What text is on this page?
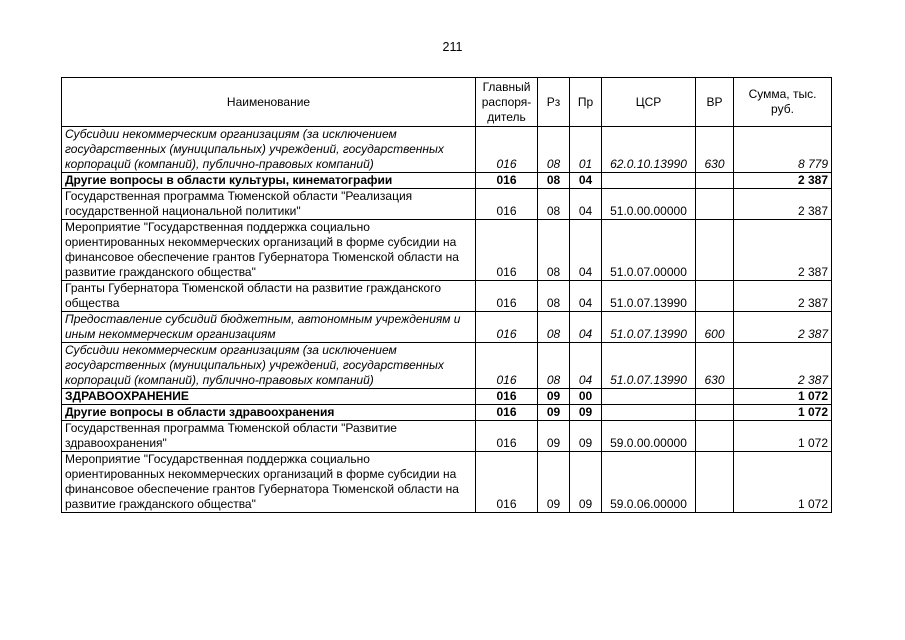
211
Наименование	Главный распоря-дитель	Рз	Пр	ЦСР	ВР	Сумма, тыс. руб.
Субсидии некоммерческим организациям (за исключением государственных (муниципальных) учреждений, государственных корпораций (компаний), публично-правовых компаний)	016	08	01	62.0.10.13990	630	8 779
Другие вопросы в области культуры, кинематографии	016	08	04			2 387
Государственная программа Тюменской области "Реализация государственной национальной политики"	016	08	04	51.0.00.00000		2 387
Мероприятие "Государственная поддержка социально ориентированных некоммерческих организаций в форме субсидии на финансовое обеспечение грантов Губернатора Тюменской области на развитие гражданского общества"	016	08	04	51.0.07.00000		2 387
Гранты Губернатора Тюменской области на развитие гражданского общества	016	08	04	51.0.07.13990		2 387
Предоставление субсидий бюджетным, автономным учреждениям и иным некоммерческим организациям	016	08	04	51.0.07.13990	600	2 387
Субсидии некоммерческим организациям (за исключением государственных (муниципальных) учреждений, государственных корпораций (компаний), публично-правовых компаний)	016	08	04	51.0.07.13990	630	2 387
ЗДРАВООХРАНЕНИЕ	016	09	00			1 072
Другие вопросы в области здравоохранения	016	09	09			1 072
Государственная программа Тюменской области "Развитие здравоохранения"	016	09	09	59.0.00.00000		1 072
Мероприятие "Государственная поддержка социально ориентированных некоммерческих организаций в форме субсидии на финансовое обеспечение грантов Губернатора Тюменской области на развитие гражданского общества"	016	09	09	59.0.06.00000		1 072
